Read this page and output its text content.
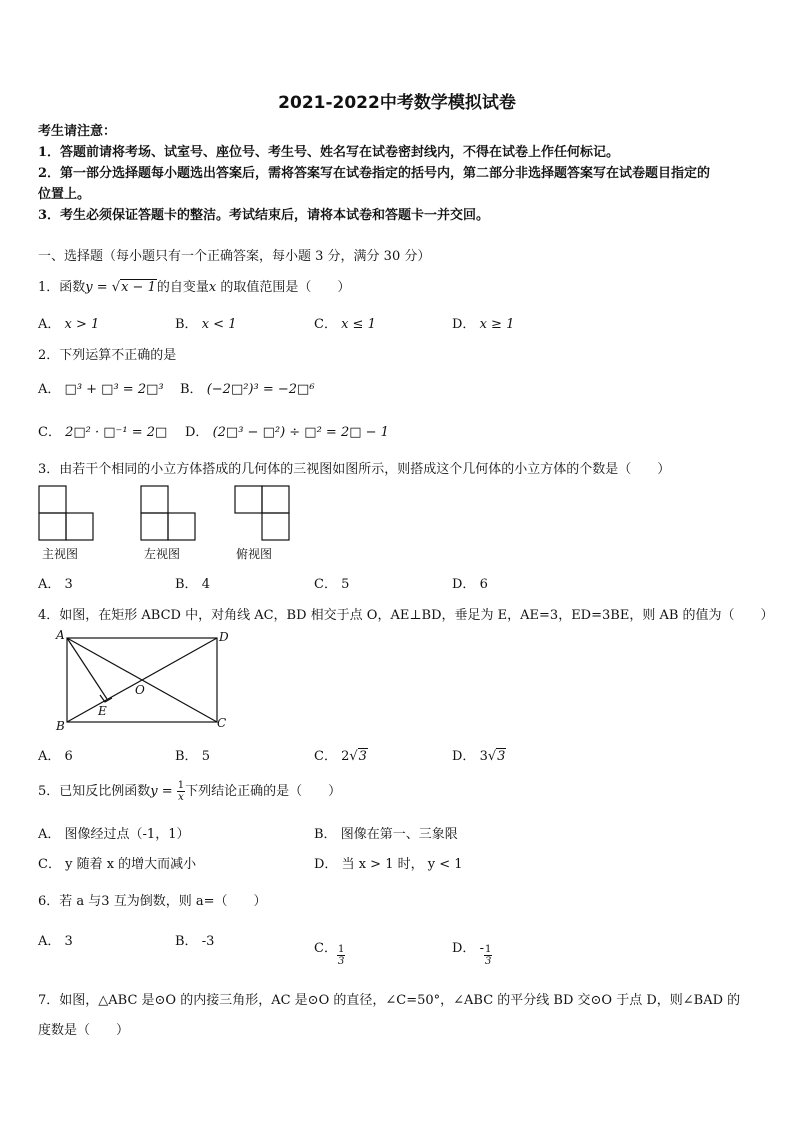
2021-2022中考数学模拟试卷
考生请注意：
1．答题前请将考场、试室号、座位号、考生号、姓名写在试卷密封线内，不得在试卷上作任何标记。
2．第一部分选择题每小题选出答案后，需将答案写在试卷指定的括号内，第二部分非选择题答案写在试卷题目指定的
位置上。
3．考生必须保证答题卡的整洁。考试结束后，请将本试卷和答题卡一并交回。
一、选择题（每小题只有一个正确答案，每小题 3 分，满分 30 分）
1．函数y = √x − 1的自变量x 的取值范围是（　　）
A． x > 1	B． x < 1	C． x ≤ 1	D． x ≥ 1
2．下列运算不正确的是
A． □³ + □³ = 2□³ B． (−2□²)³ = −2□⁶
C． 2□² · □⁻¹ = 2□ D． (2□³ − □²) ÷ □² = 2□ − 1
3．由若干个相同的小立方体搭成的几何体的三视图如图所示，则搭成这个几何体的小立方体的个数是（　　）
主视图	左视图	俯视图
A． 3	B． 4	C． 5	D． 6
4．如图，在矩形 ABCD 中，对角线 AC，BD 相交于点 O，AE⊥BD，垂足为 E，AE=3，ED=3BE，则 AB 的值为（　　）
A	D
B	C
O
E
A． 6	B． 5	C． 2√3	D． 3√3
5．已知反比例函数$y = \frac{1}{x}$ 下列结论正确的是（　　）
A． 图像经过点（-1，1）	B． 图像在第一、三象限
C． y 随着 x 的增大而减小	D． 当 x > 1 时， y < 1
6．若 a 与3 互为倒数，则 a=（　　）
A． 3	B． -3	C． $\frac{1}{3}$	D． - $\frac{1}{3}$
7．如图，△ABC 是⊙O 的内接三角形，AC 是⊙O 的直径，∠C=50°，∠ABC 的平分线 BD 交⊙O 于点 D，则∠BAD 的
度数是（　　）
